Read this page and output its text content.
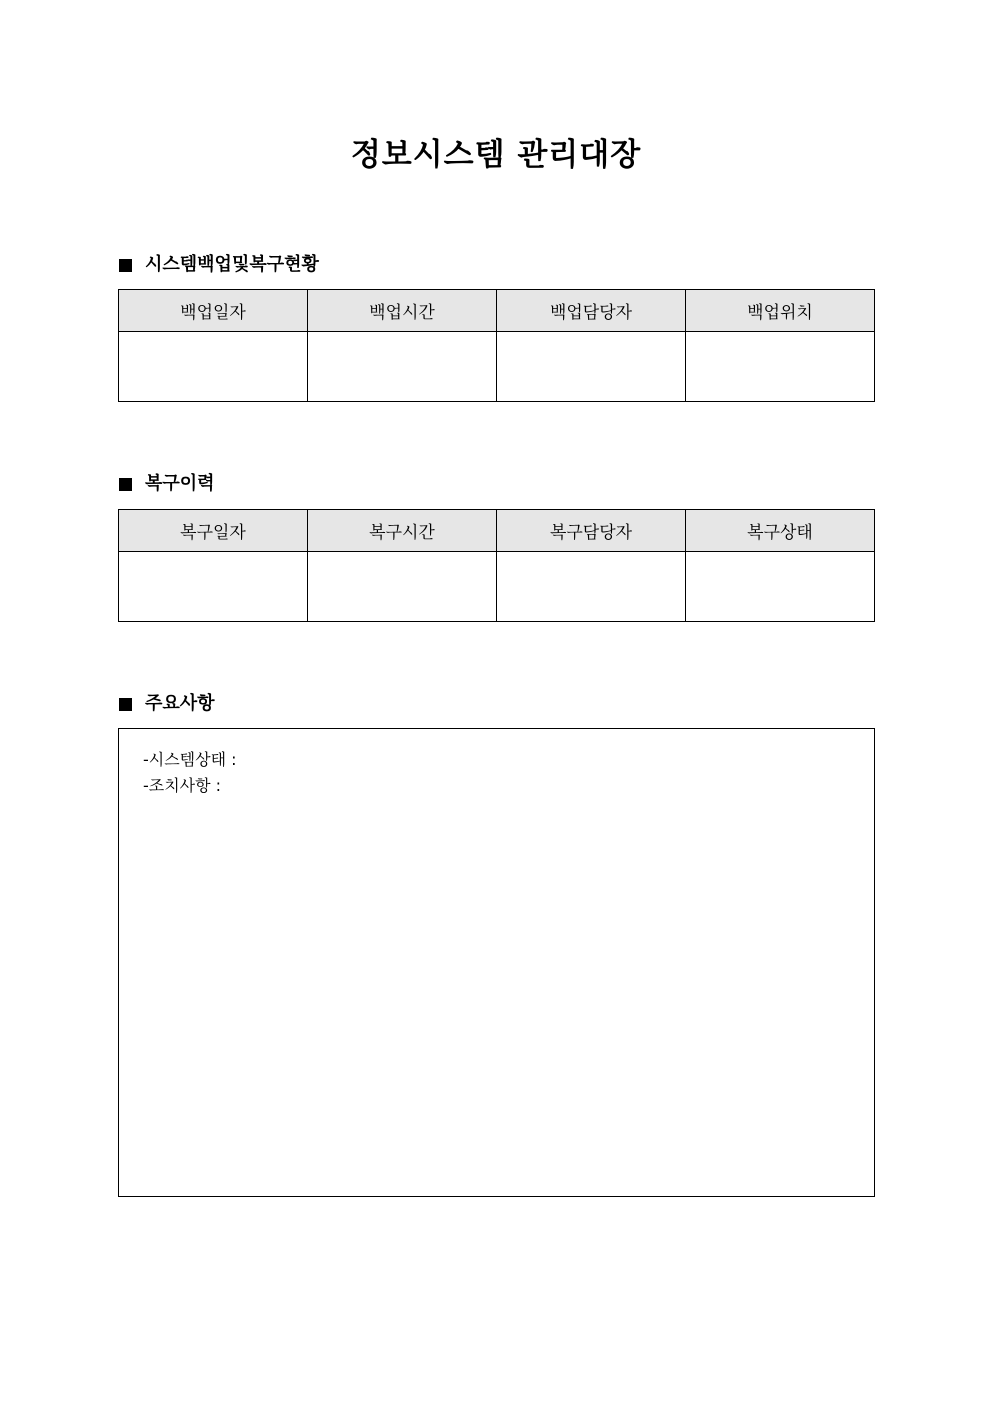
정보시스템 관리대장
시스템백업및복구현황
백업일자	백업시간	백업담당자	백업위치

복구이력
복구일자	복구시간	복구담당자	복구상태

주요사항
-시스템상태 :
-조치사항 :
